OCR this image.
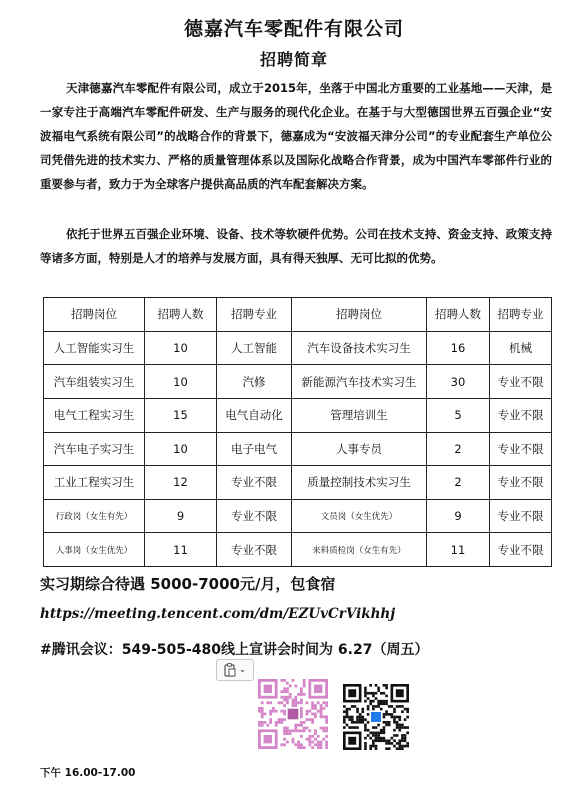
德嘉汽车零配件有限公司
招聘简章

天津德嘉汽车零配件有限公司，成立于2015年，坐落于中国北方重要的工业基地——天津，是一家专注于高端汽车零配件研发、生产与服务的现代化企业。在基于与大型德国世界五百强企业“安波福电气系统有限公司”的战略合作的背景下，德嘉成为“安波福天津分公司”的专业配套生产单位公司凭借先进的技术实力、严格的质量管理体系以及国际化战略合作背景，成为中国汽车零部件行业的重要参与者，致力于为全球客户提供高品质的汽车配套解决方案。

依托于世界五百强企业环境、设备、技术等软硬件优势。公司在技术支持、资金支持、政策支持等诸多方面，特别是人才的培养与发展方面，具有得天独厚、无可比拟的优势。

招聘岗位	招聘人数	招聘专业	招聘岗位	招聘人数	招聘专业
人工智能实习生	10	人工智能	汽车设备技术实习生	16	机械
汽车组装实习生	10	汽修	新能源汽车技术实习生	30	专业不限
电气工程实习生	15	电气自动化	管理培训生	5	专业不限
汽车电子实习生	10	电子电气	人事专员	2	专业不限
工业工程实习生	12	专业不限	质量控制技术实习生	2	专业不限
行政岗（女生有先）	9	专业不限	文员岗（女生优先）	9	专业不限
人事岗（女生优先）	11	专业不限	来料质检岗（女生有先）	11	专业不限
实习期综合待遇 5000-7000元/月，包食宿
https://meeting.tencent.com/dm/EZUvCrVikhhj
#腾讯会议：549-505-480线上宣讲会时间为 6.27（周五）
⌄
下午 16.00-17.00
